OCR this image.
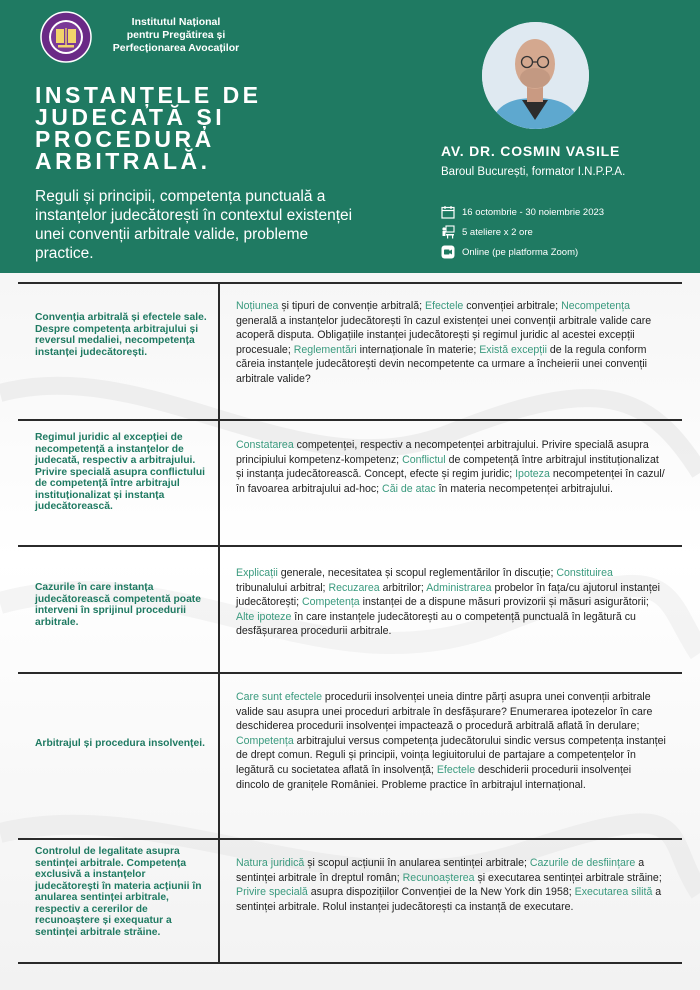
Institutul Național
pentru Pregătirea și
Perfecționarea Avocaților
INSTANȚELE DE
JUDECATĂ ȘI
PROCEDURA
ARBITRALĂ.
Reguli și principii, competența punctuală a instanțelor judecătorești în contextul existenței unei convenții arbitrale valide, probleme practice.
AV. DR. COSMIN VASILE
Baroul București, formator I.N.P.P.A.
16 octombrie - 30 noiembrie 2023
5 ateliere x 2 ore
Online (pe platforma Zoom)
Convenția arbitrală și efectele sale. Despre competența arbitrajului și reversul medaliei, necompetența instanței judecătorești.
Noțiunea și tipuri de convenție arbitrală; Efectele convenției arbitrale; Necompetența generală a instanțelor judecătorești în cazul existenței unei convenții arbitrale valide care acoperă disputa. Obligațiile instanței judecătorești și regimul juridic al acestei excepții procesuale; Reglementări internaționale în materie; Există excepții de la regula conform căreia instanțele judecătorești devin necompetente ca urmare a încheierii unei convenții arbitrale valide?
Regimul juridic al excepției de necompetență a instanțelor de judecată, respectiv a arbitrajului. Privire specială asupra conflictului de competență între arbitrajul instituționalizat și instanța judecătorească.
Constatarea competenței, respectiv a necompetenței arbitrajului. Privire specială asupra principiului kompetenz-kompetenz; Conflictul de competență între arbitrajul instituționalizat și instanța judecătorească. Concept, efecte și regim juridic; Ipoteza necompetenței în cazul/în favoarea arbitrajului ad-hoc; Căi de atac în materia necompetenței arbitrajului.
Cazurile în care instanța judecătorească competentă poate interveni în sprijinul procedurii arbitrale.
Explicații generale, necesitatea și scopul reglementărilor în discuție; Constituirea tribunalului arbitral; Recuzarea arbitrilor; Administrarea probelor în fața/cu ajutorul instanței judecătorești; Competența instanței de a dispune măsuri provizorii și măsuri asigurătorii; Alte ipoteze în care instanțele judecătorești au o competență punctuală în legătură cu desfășurarea procedurii arbitrale.
Arbitrajul și procedura insolvenței.
Care sunt efectele procedurii insolvenței uneia dintre părți asupra unei convenții arbitrale valide sau asupra unei proceduri arbitrale în desfășurare? Enumerarea ipotezelor în care deschiderea procedurii insolvenței impactează o procedură arbitrală aflată în derulare; Competența arbitrajului versus competența judecătorului sindic versus competența instanței de drept comun. Reguli și principii, voința legiuitorului de partajare a competențelor în legătură cu societatea aflată în insolvență; Efectele deschiderii procedurii insolvenței dincolo de granițele României. Probleme practice în arbitrajul internațional.
Controlul de legalitate asupra sentinței arbitrale. Competența exclusivă a instanțelor judecătorești în materia acțiunii în anularea sentinței arbitrale, respectiv a cererilor de recunoaștere și exequatur a sentinței arbitrale străine.
Natura juridică și scopul acțiunii în anularea sentinței arbitrale; Cazurile de desființare a sentinței arbitrale în dreptul român; Recunoașterea și executarea sentinței arbitrale străine; Privire specială asupra dispozițiilor Convenției de la New York din 1958; Executarea silită a sentinței arbitrale. Rolul instanței judecătorești ca instanță de executare.
